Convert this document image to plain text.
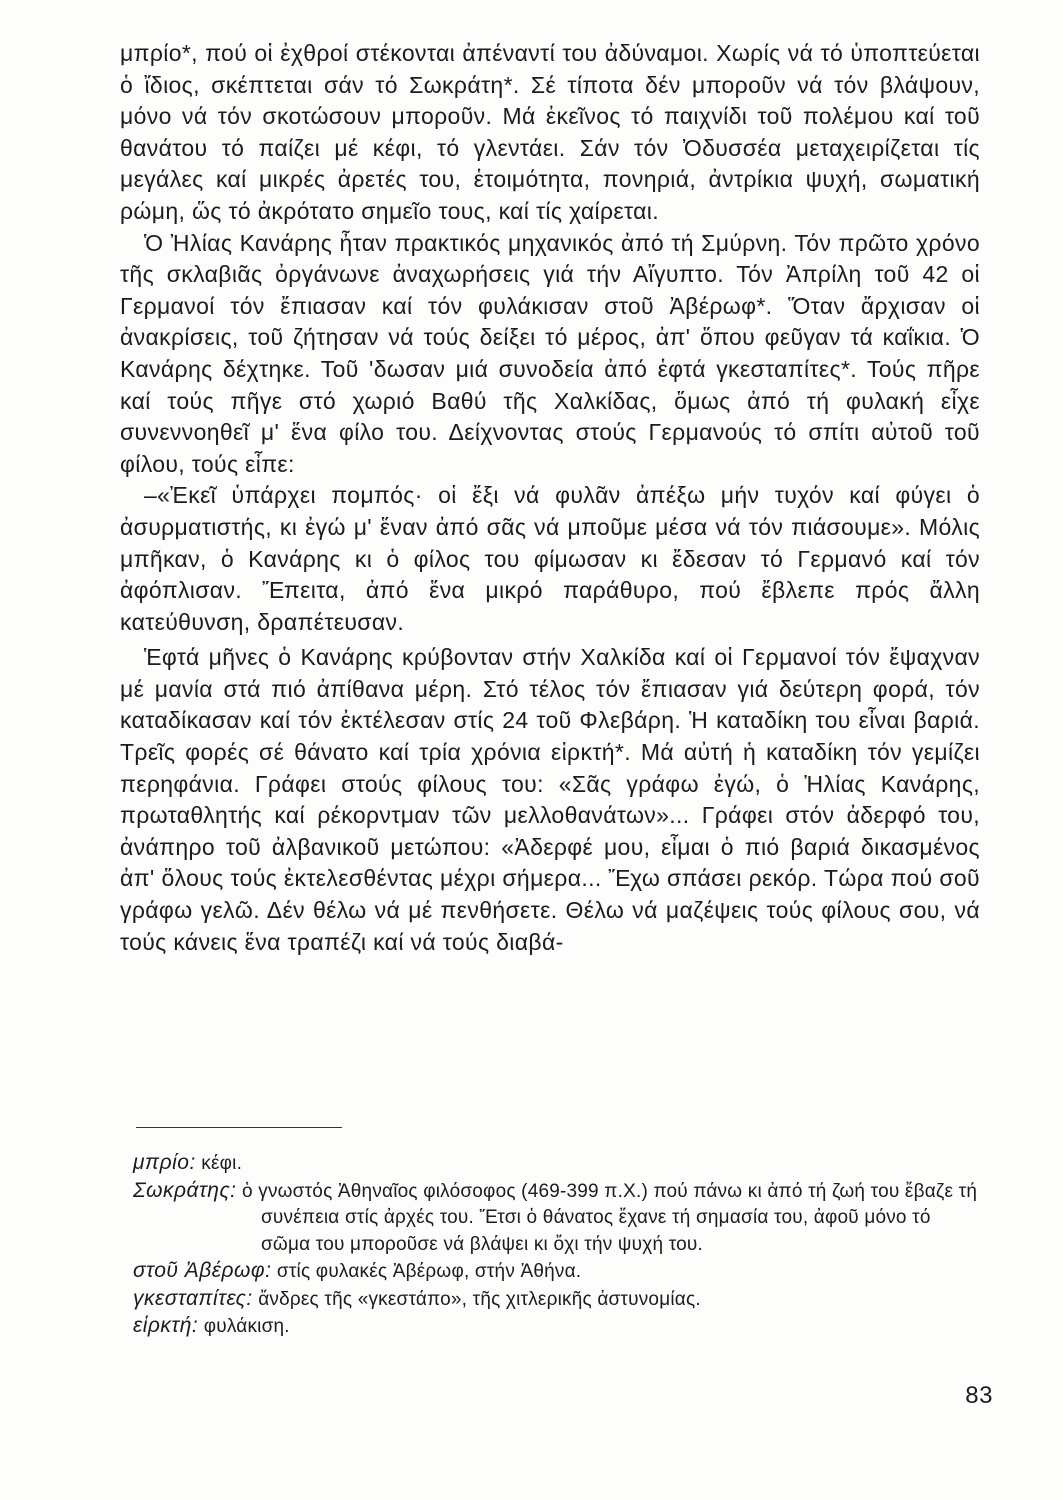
μπρίο*, πού οἱ ἐχθροί στέκονται ἀπέναντί του ἀδύναμοι. Χωρίς νά τό ὑποπτεύεται ὁ ἴδιος, σκέπτεται σάν τό Σωκράτη*. Σέ τίποτα δέν μποροῦν νά τόν βλάψουν, μόνο νά τόν σκοτώσουν μποροῦν. Μά ἐκεῖνος τό παιχνίδι τοῦ πολέμου καί τοῦ θανάτου τό παίζει μέ κέφι, τό γλεντάει. Σάν τόν Ὀδυσσέα μεταχειρίζεται τίς μεγάλες καί μικρές ἀρετές του, ἑτοιμότητα, πονηριά, ἀντρίκια ψυχή, σωματική ρώμη, ὥς τό ἀκρότατο σημεῖο τους, καί τίς χαίρεται.

Ὁ Ἠλίας Κανάρης ἦταν πρακτικός μηχανικός ἀπό τή Σμύρνη. Τόν πρῶτο χρόνο τῆς σκλαβιᾶς ὀργάνωνε ἀναχωρήσεις γιά τήν Αἴγυπτο. Τόν Ἀπρίλη τοῦ 42 οἱ Γερμανοί τόν ἔπιασαν καί τόν φυλάκισαν στοῦ Ἀβέρωφ*. Ὅταν ἄρχισαν οἱ ἀνακρίσεις, τοῦ ζήτησαν νά τούς δείξει τό μέρος, ἀπ' ὅπου φεῦγαν τά καΐκια. Ὁ Κανάρης δέχτηκε. Τοῦ 'δωσαν μιά συνοδεία ἀπό ἑφτά γκεσταπίτες*. Τούς πῆρε καί τούς πῆγε στό χωριό Βαθύ τῆς Χαλκίδας, ὅμως ἀπό τή φυλακή εἶχε συνεννοηθεῖ μ' ἕνα φίλο του. Δείχνοντας στούς Γερμανούς τό σπίτι αὐτοῦ τοῦ φίλου, τούς εἶπε:

–«Ἐκεῖ ὑπάρχει πομπός· οἱ ἔξι νά φυλᾶν ἀπέξω μήν τυχόν καί φύγει ὁ ἀσυρματιστής, κι ἐγώ μ' ἕναν ἀπό σᾶς νά μποῦμε μέσα νά τόν πιάσουμε». Μόλις μπῆκαν, ὁ Κανάρης κι ὁ φίλος του φίμωσαν κι ἔδεσαν τό Γερμανό καί τόν ἀφόπλισαν. Ἔπειτα, ἀπό ἕνα μικρό παράθυρο, πού ἔβλεπε πρός ἄλλη κατεύθυνση, δραπέτευσαν.

Ἑφτά μῆνες ὁ Κανάρης κρύβονταν στήν Χαλκίδα καί οἱ Γερμανοί τόν ἔψαχναν μέ μανία στά πιό ἀπίθανα μέρη. Στό τέλος τόν ἔπιασαν γιά δεύτερη φορά, τόν καταδίκασαν καί τόν ἐκτέλεσαν στίς 24 τοῦ Φλεβάρη. Ἡ καταδίκη του εἶναι βαριά. Τρεῖς φορές σέ θάνατο καί τρία χρόνια εἱρκτή*. Μά αὐτή ἡ καταδίκη τόν γεμίζει περηφάνια. Γράφει στούς φίλους του: «Σᾶς γράφω ἐγώ, ὁ Ἠλίας Κανάρης, πρωταθλητής καί ρέκορντμαν τῶν μελλοθανάτων»... Γράφει στόν ἀδερφό του, ἀνάπηρο τοῦ ἀλβανικοῦ μετώπου: «Ἀδερφέ μου, εἶμαι ὁ πιό βαριά δικασμένος ἀπ' ὅλους τούς ἐκτελεσθέντας μέχρι σήμερα... Ἔχω σπάσει ρεκόρ. Τώρα πού σοῦ γράφω γελῶ. Δέν θέλω νά μέ πενθήσετε. Θέλω νά μαζέψεις τούς φίλους σου, νά τούς κάνεις ἕνα τραπέζι καί νά τούς διαβά-

μπρίο: κέφι.

Σωκράτης: ὁ γνωστός Ἀθηναῖος φιλόσοφος (469-399 π.Χ.) πού πάνω κι ἀπό τή ζωή του ἔβαζε τή συνέπεια στίς ἀρχές του. Ἔτσι ὁ θάνατος ἔχανε τή σημασία του, ἀφοῦ μόνο τό σῶμα του μποροῦσε νά βλάψει κι ὄχι τήν ψυχή του.

στοῦ Ἀβέρωφ: στίς φυλακές Ἀβέρωφ, στήν Ἀθήνα.

γκεσταπίτες: ἄνδρες τῆς «γκεστάπο», τῆς χιτλερικῆς ἀστυνομίας.

εἱρκτή: φυλάκιση.

83
